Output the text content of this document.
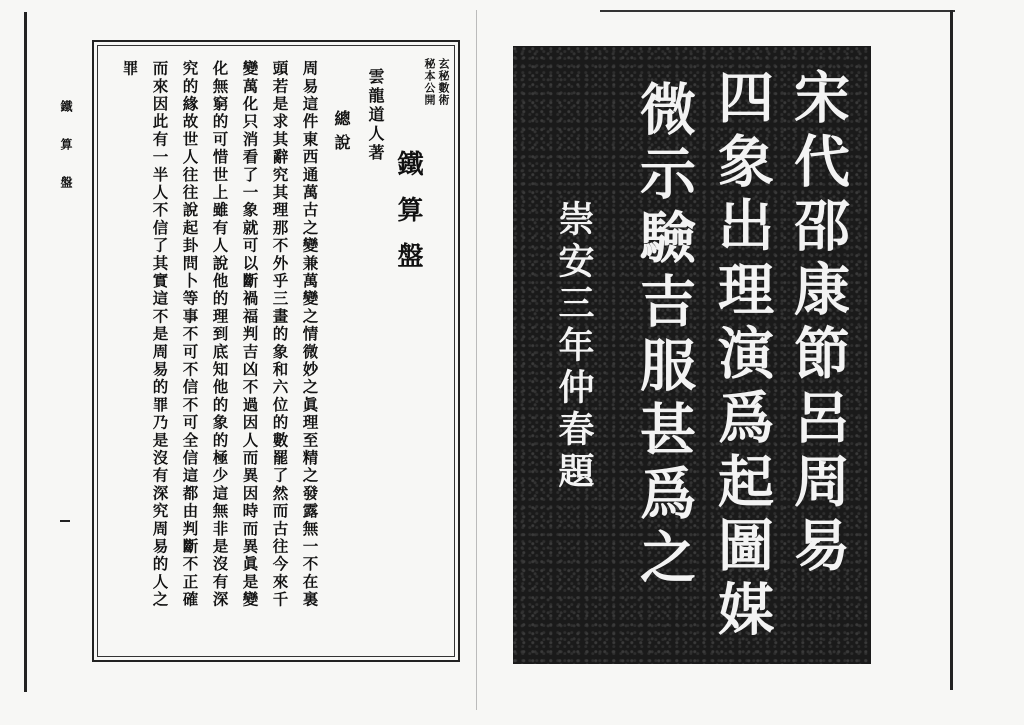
鐵算盤
玄秘數術
秘本公開
鐵算盤
雲龍道人著
總說
周易這件東西通萬古之變兼萬變之情微妙之眞理至精之發露無一不在裏
頭若是求其辭究其理那不外乎三畫的象和六位的數罷了然而古往今來千
變萬化只消看了一象就可以斷禍福判吉凶不過因人而異因時而異眞是變
化無窮的可惜世上雖有人說他的理到底知他的象的極少這無非是沒有深
究的緣故世人往往說起卦問卜等事不可不信不可全信這都由判斷不正確
而來因此有一半人不信了其實這不是周易的罪乃是沒有深究周易的人之
罪	宋代邵康節呂周易
四象出理演爲起圖媒
微示驗吉服甚爲之
崇安三年仲春題
